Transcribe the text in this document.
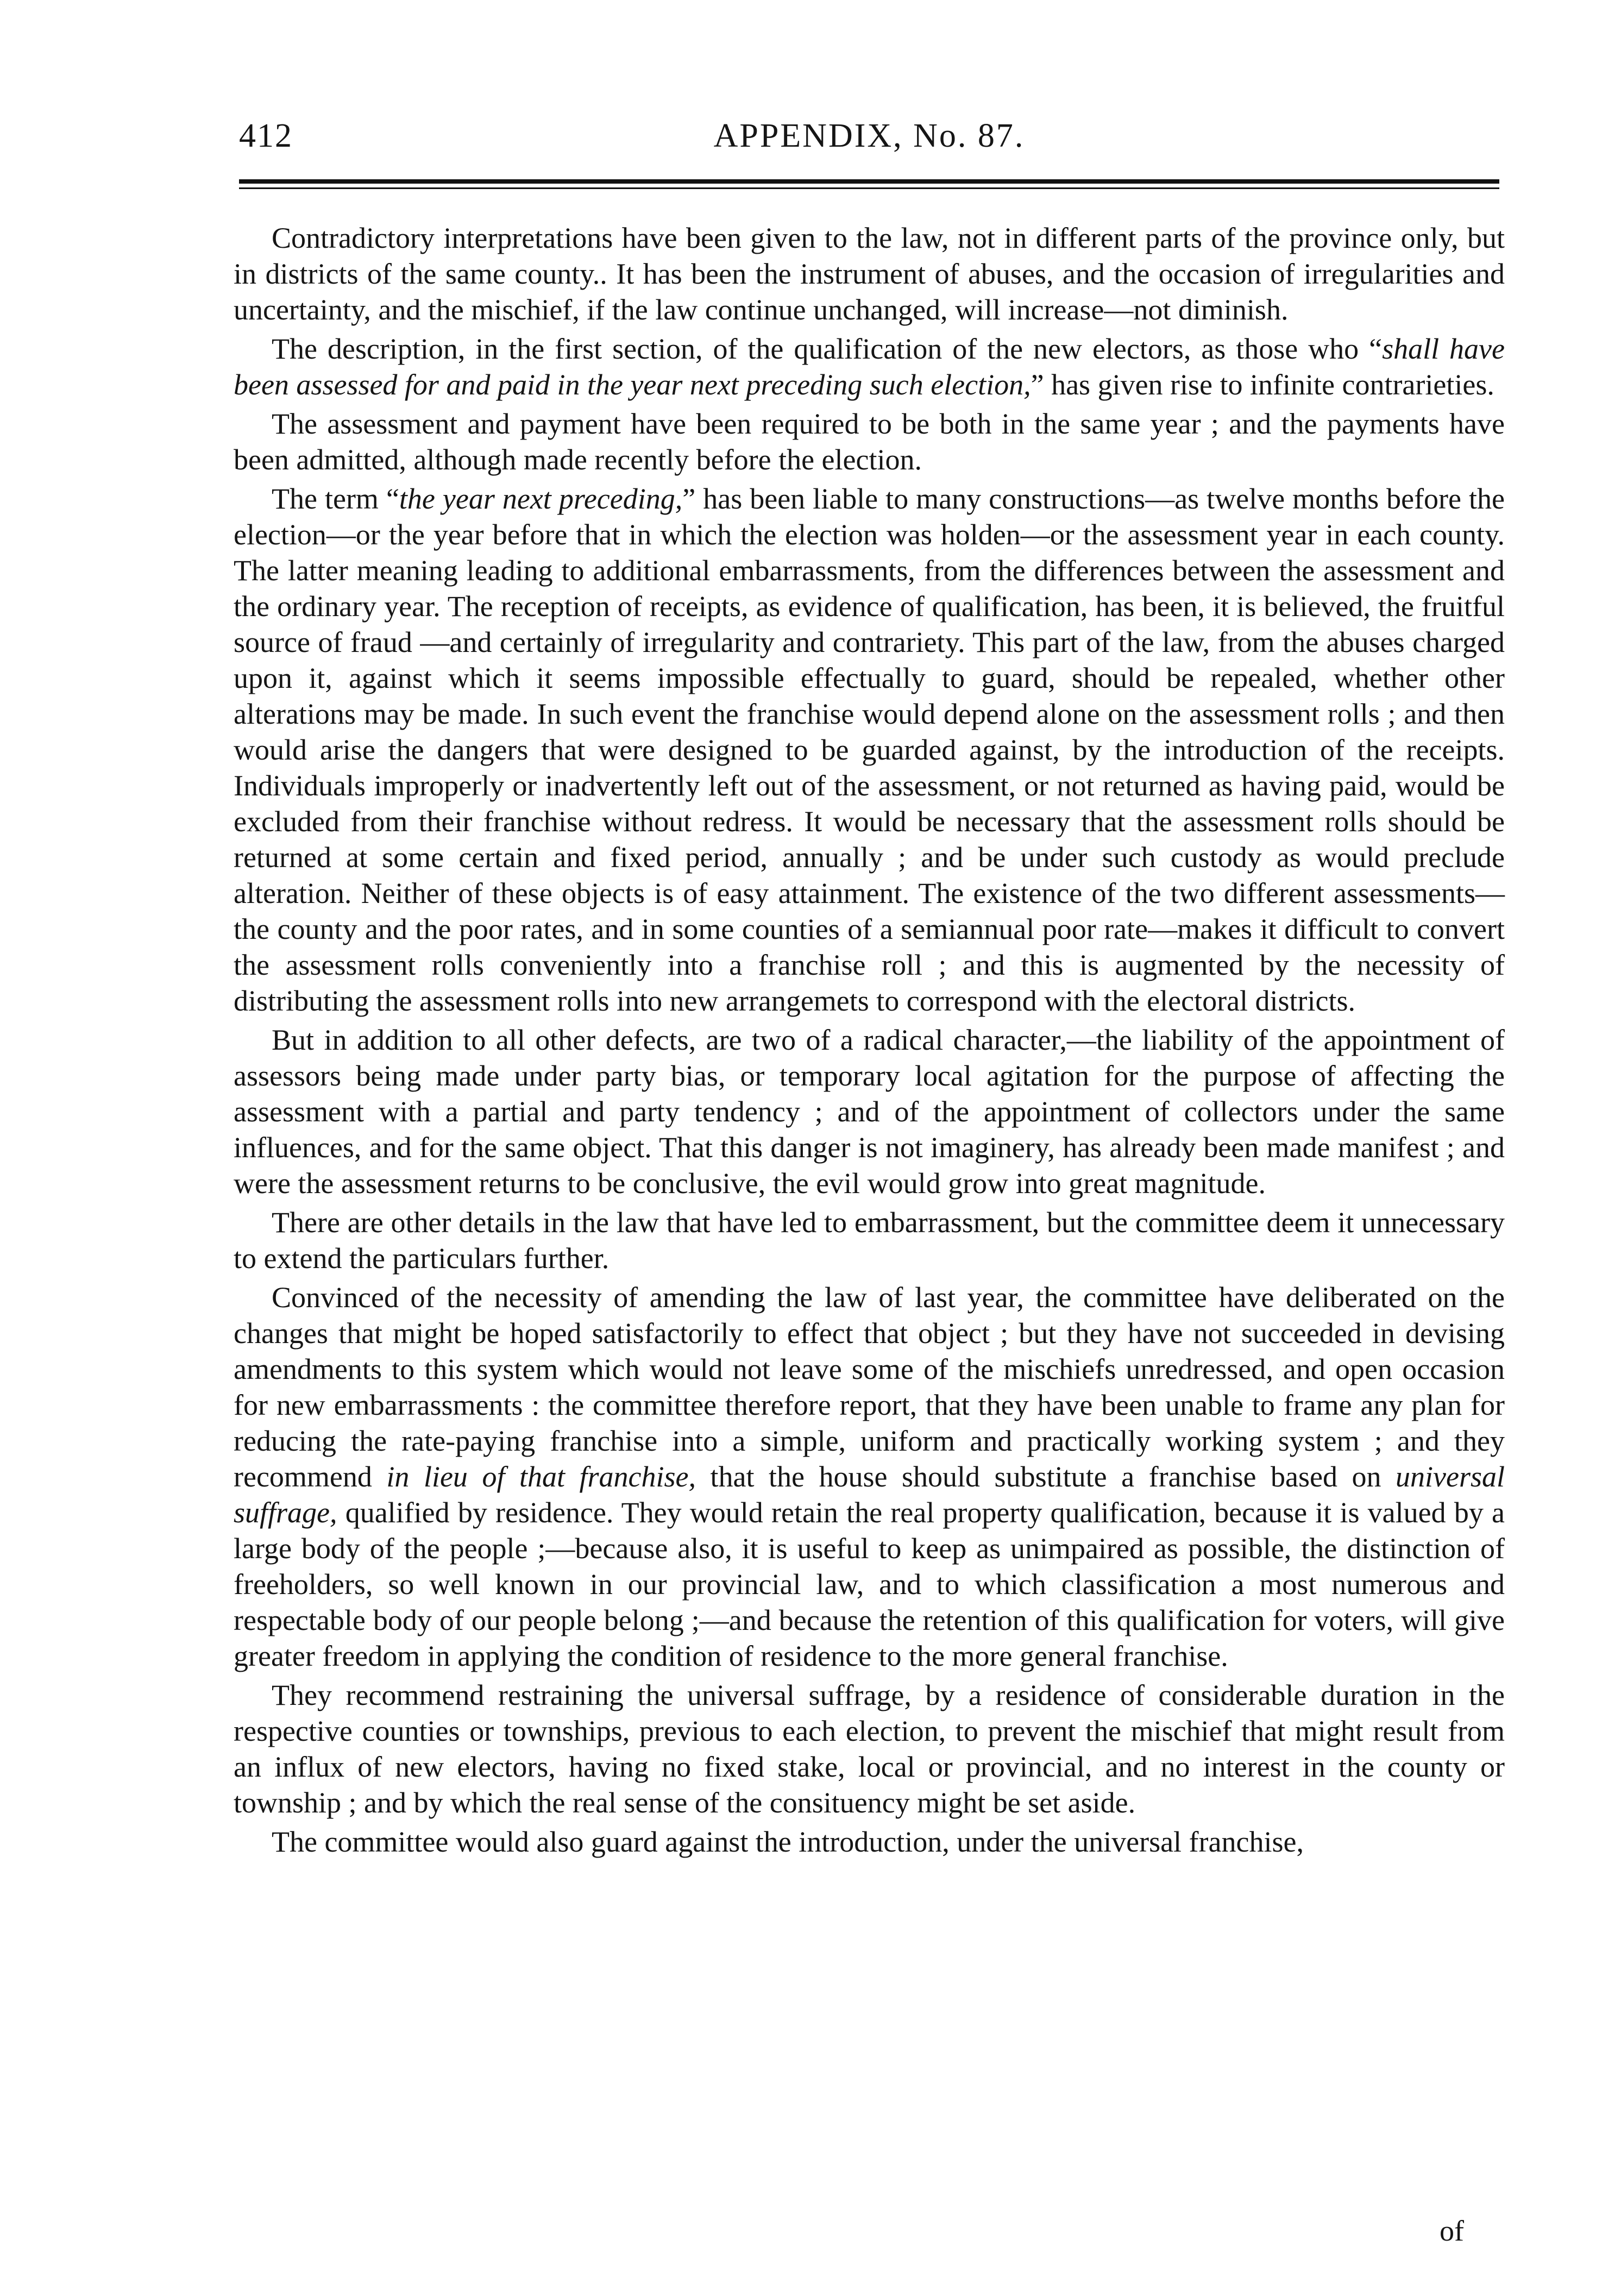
412	APPENDIX, No. 87.

Contradictory interpretations have been given to the law, not in different parts of the province only, but in districts of the same county.. It has been the instrument of abuses, and the occasion of irregularities and uncertainty, and the mischief, if the law continue unchanged, will increase—not diminish.

The description, in the first section, of the qualification of the new electors, as those who “shall have been assessed for and paid in the year next preceding such election,” has given rise to infinite contrarieties.

The assessment and payment have been required to be both in the same year ; and the payments have been admitted, although made recently before the election.

The term “the year next preceding,” has been liable to many constructions—as twelve months before the election—or the year before that in which the election was holden—or the assessment year in each county. The latter meaning leading to additional embarrassments, from the differences between the assessment and the ordinary year. The reception of receipts, as evidence of qualification, has been, it is believed, the fruitful source of fraud —and certainly of irregularity and contrariety. This part of the law, from the abuses charged upon it, against which it seems impossible effectually to guard, should be repealed, whether other alterations may be made. In such event the franchise would depend alone on the assessment rolls ; and then would arise the dangers that were designed to be guarded against, by the introduction of the receipts. Individuals improperly or inadvertently left out of the assessment, or not returned as having paid, would be excluded from their franchise without redress. It would be necessary that the assessment rolls should be returned at some certain and fixed period, annually ; and be under such custody as would preclude alteration. Neither of these objects is of easy attainment. The existence of the two different assessments—the county and the poor rates, and in some counties of a semiannual poor rate—makes it difficult to convert the assessment rolls conveniently into a franchise roll ; and this is augmented by the necessity of distributing the assessment rolls into new arrangemets to correspond with the electoral districts.

But in addition to all other defects, are two of a radical character,—the liability of the appointment of assessors being made under party bias, or temporary local agitation for the purpose of affecting the assessment with a partial and party tendency ; and of the appointment of collectors under the same influences, and for the same object. That this danger is not imaginery, has already been made manifest ; and were the assessment returns to be conclusive, the evil would grow into great magnitude.

There are other details in the law that have led to embarrassment, but the committee deem it unnecessary to extend the particulars further.

Convinced of the necessity of amending the law of last year, the committee have deliberated on the changes that might be hoped satisfactorily to effect that object ; but they have not succeeded in devising amendments to this system which would not leave some of the mischiefs unredressed, and open occasion for new embarrassments : the committee therefore report, that they have been unable to frame any plan for reducing the rate-paying franchise into a simple, uniform and practically working system ; and they recommend in lieu of that franchise, that the house should substitute a franchise based on universal suffrage, qualified by residence. They would retain the real property qualification, because it is valued by a large body of the people ;—because also, it is useful to keep as unimpaired as possible, the distinction of freeholders, so well known in our provincial law, and to which classification a most numerous and respectable body of our people belong ;—and because the retention of this qualification for voters, will give greater freedom in applying the condition of residence to the more general franchise.

They recommend restraining the universal suffrage, by a residence of considerable duration in the respective counties or townships, previous to each election, to prevent the mischief that might result from an influx of new electors, having no fixed stake, local or provincial, and no interest in the county or township ; and by which the real sense of the consituency might be set aside.

The committee would also guard against the introduction, under the universal franchise,

of
